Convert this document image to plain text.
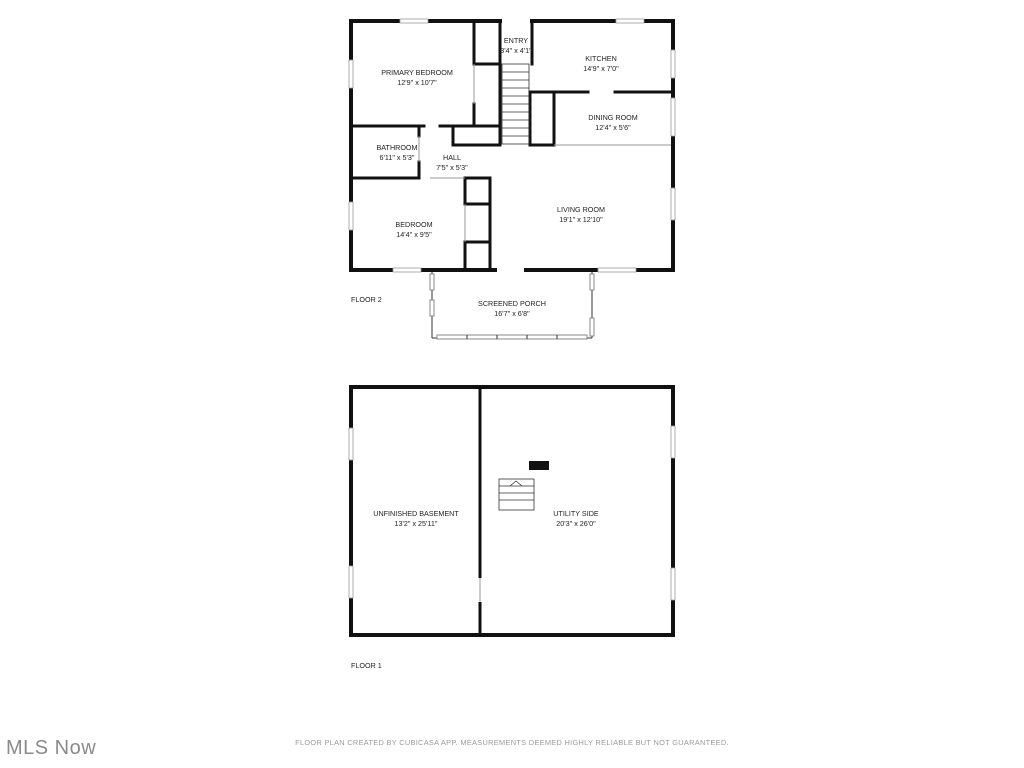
PRIMARY BEDROOM
12'9" x 10'7"
ENTRY
3'4" x 4'1"
KITCHEN
14'9" x 7'0"
DINING ROOM
12'4" x 5'6"
BATHROOM
6'11" x 5'3"	HALL
7'5" x 5'3"
LIVING ROOM
19'1" x 12'10"
BEDROOM
14'4" x 9'5"
SCREENED PORCH
16'7" x 6'8"
FLOOR 2
UNFINISHED BASEMENT
13'2" x 25'11"
UTILITY SIDE
20'3" x 26'0"
FLOOR 1
FLOOR PLAN CREATED BY CUBICASA APP. MEASUREMENTS DEEMED HIGHLY RELIABLE BUT NOT GUARANTEED.
MLS Now
